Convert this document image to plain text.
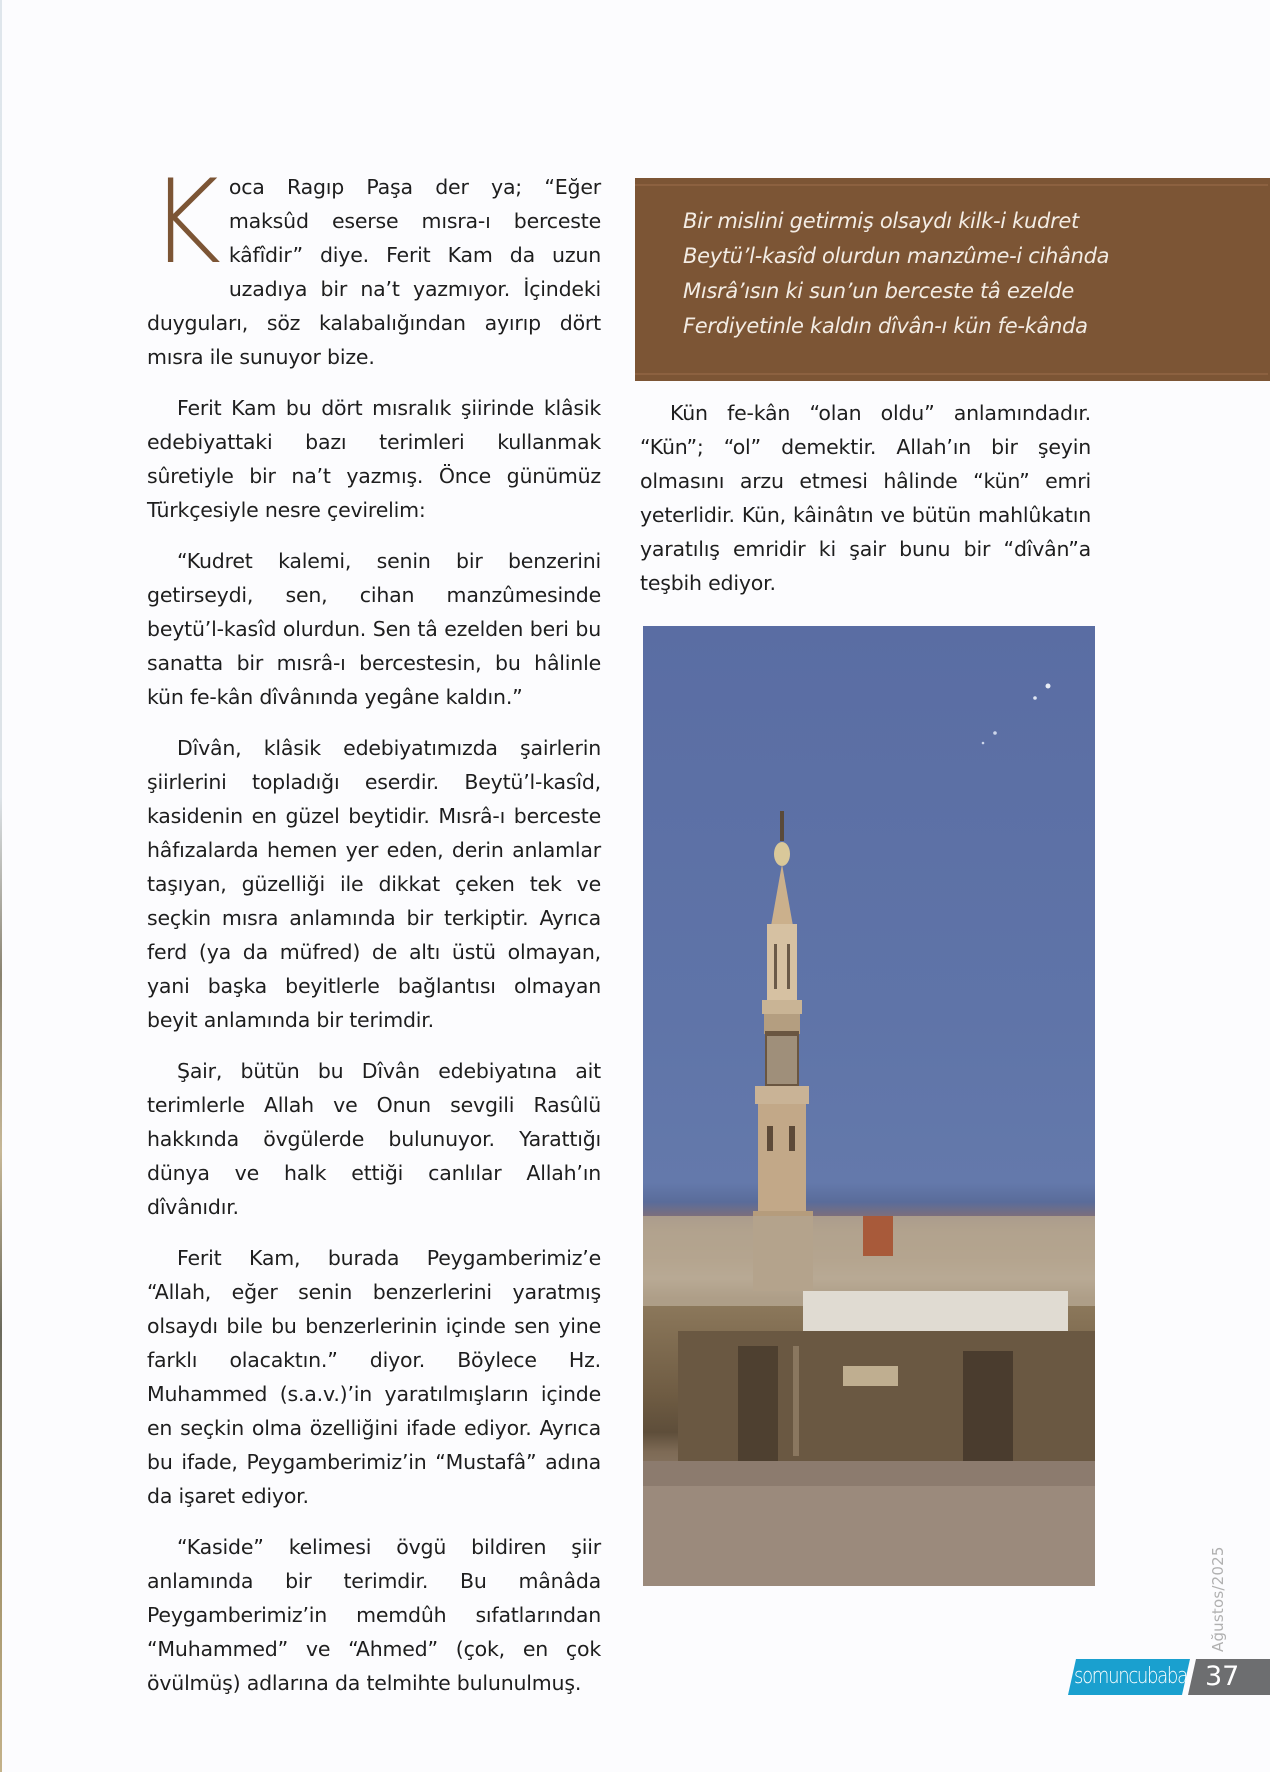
Koca Ragıp Paşa der ya; “Eğer maksûd eserse mısra-ı berceste kâfîdir” diye. Ferit Kam da uzun uzadıya bir na’t yazmıyor. İçindeki duyguları, söz kalabalığından ayırıp dört mısra ile sunuyor bize.

Ferit Kam bu dört mısralık şiirinde klâsik edebiyattaki bazı terimleri kullanmak sûretiyle bir na’t yazmış. Önce günümüz Türkçesiyle nesre çevirelim:

“Kudret kalemi, senin bir benzerini getirseydi, sen, cihan manzûmesinde beytü’l-kasîd olurdun. Sen tâ ezelden beri bu sanatta bir mısrâ-ı bercestesin, bu hâlinle kün fe-kân dîvânında yegâne kaldın.”

Dîvân, klâsik edebiyatımızda şairlerin şiirlerini topladığı eserdir. Beytü’l-kasîd, kasidenin en güzel beytidir. Mısrâ-ı berceste hâfızalarda hemen yer eden, derin anlamlar taşıyan, güzelliği ile dikkat çeken tek ve seçkin mısra anlamında bir terkiptir. Ayrıca ferd (ya da müfred) de altı üstü olmayan, yani başka beyitlerle bağlantısı olmayan beyit anlamında bir terimdir.

Şair, bütün bu Dîvân edebiyatına ait terimlerle Allah ve Onun sevgili Rasûlü hakkında övgülerde bulunuyor. Yarattığı dünya ve halk ettiği canlılar Allah’ın dîvânıdır.

Ferit Kam, burada Peygamberimiz’e “Allah, eğer senin benzerlerini yaratmış olsaydı bile bu benzerlerinin içinde sen yine farklı olacaktın.” diyor. Böylece Hz. Muhammed (s.a.v.)’in yaratılmışların içinde en seçkin olma özelliğini ifade ediyor. Ayrıca bu ifade, Peygamberimiz’in “Mustafâ” adına da işaret ediyor.

“Kaside” kelimesi övgü bildiren şiir anlamında bir terimdir. Bu mânâda Peygamberimiz’in memdûh sıfatlarından “Muhammed” ve “Ahmed” (çok, en çok övülmüş) adlarına da telmihte bulunulmuş.

Bir mislini getirmiş olsaydı kilk-i kudret
Beytü’l-kasîd olurdun manzûme-i cihânda
Mısrâ’ısın ki sun’un berceste tâ ezelde
Ferdiyetinle kaldın dîvân-ı kün fe-kânda

Kün fe-kân “olan oldu” anlamındadır. “Kün”; “ol” demektir. Allah’ın bir şeyin olmasını arzu etmesi hâlinde “kün” emri yeterlidir. Kün, kâinâtın ve bütün mahlûkatın yaratılış emridir ki şair bunu bir “dîvân”a teşbih ediyor.

Ağustos/2025
somuncubaba 37
